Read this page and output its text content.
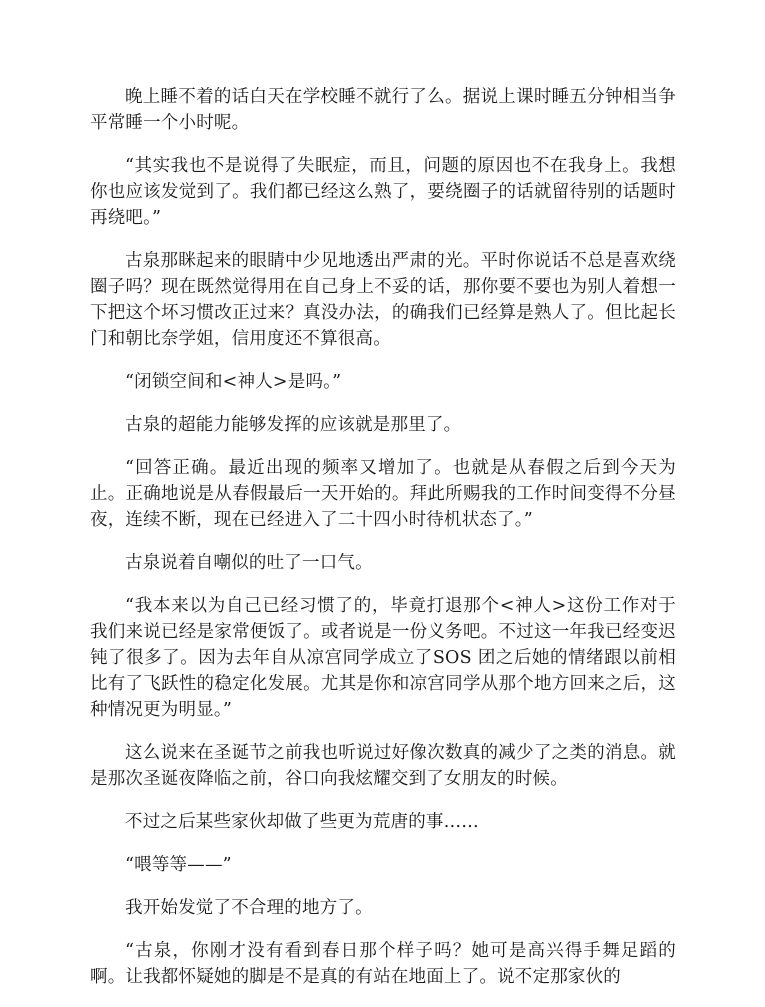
晚上睡不着的话白天在学校睡不就行了么。据说上课时睡五分钟相当争平常睡一个小时呢。

“其实我也不是说得了失眠症，而且，问题的原因也不在我身上。我想你也应该发觉到了。我们都已经这么熟了，要绕圈子的话就留待别的话题时再绕吧。”

古泉那眯起来的眼睛中少见地透出严肃的光。平时你说话不总是喜欢绕圈子吗？现在既然觉得用在自己身上不妥的话，那你要不要也为别人着想一下把这个坏习惯改正过来？真没办法，的确我们已经算是熟人了。但比起长门和朝比奈学姐，信用度还不算很高。

“闭锁空间和<神人>是吗。”

古泉的超能力能够发挥的应该就是那里了。

“回答正确。最近出现的频率又增加了。也就是从春假之后到今天为止。正确地说是从春假最后一天开始的。拜此所赐我的工作时间变得不分昼夜，连续不断，现在已经进入了二十四小时待机状态了。”

古泉说着自嘲似的吐了一口气。

“我本来以为自己已经习惯了的，毕竟打退那个<神人>这份工作对于我们来说已经是家常便饭了。或者说是一份义务吧。不过这一年我已经变迟钝了很多了。因为去年自从凉宫同学成立了SOS 团之后她的情绪跟以前相比有了飞跃性的稳定化发展。尤其是你和凉宫同学从那个地方回来之后，这种情况更为明显。”

这么说来在圣诞节之前我也听说过好像次数真的减少了之类的消息。就是那次圣诞夜降临之前，谷口向我炫耀交到了女朋友的时候。

不过之后某些家伙却做了些更为荒唐的事……

“喂等等——”

我开始发觉了不合理的地方了。

“古泉，你刚才没有看到春日那个样子吗？她可是高兴得手舞足蹈的啊。让我都怀疑她的脚是不是真的有站在地面上了。说不定那家伙的
